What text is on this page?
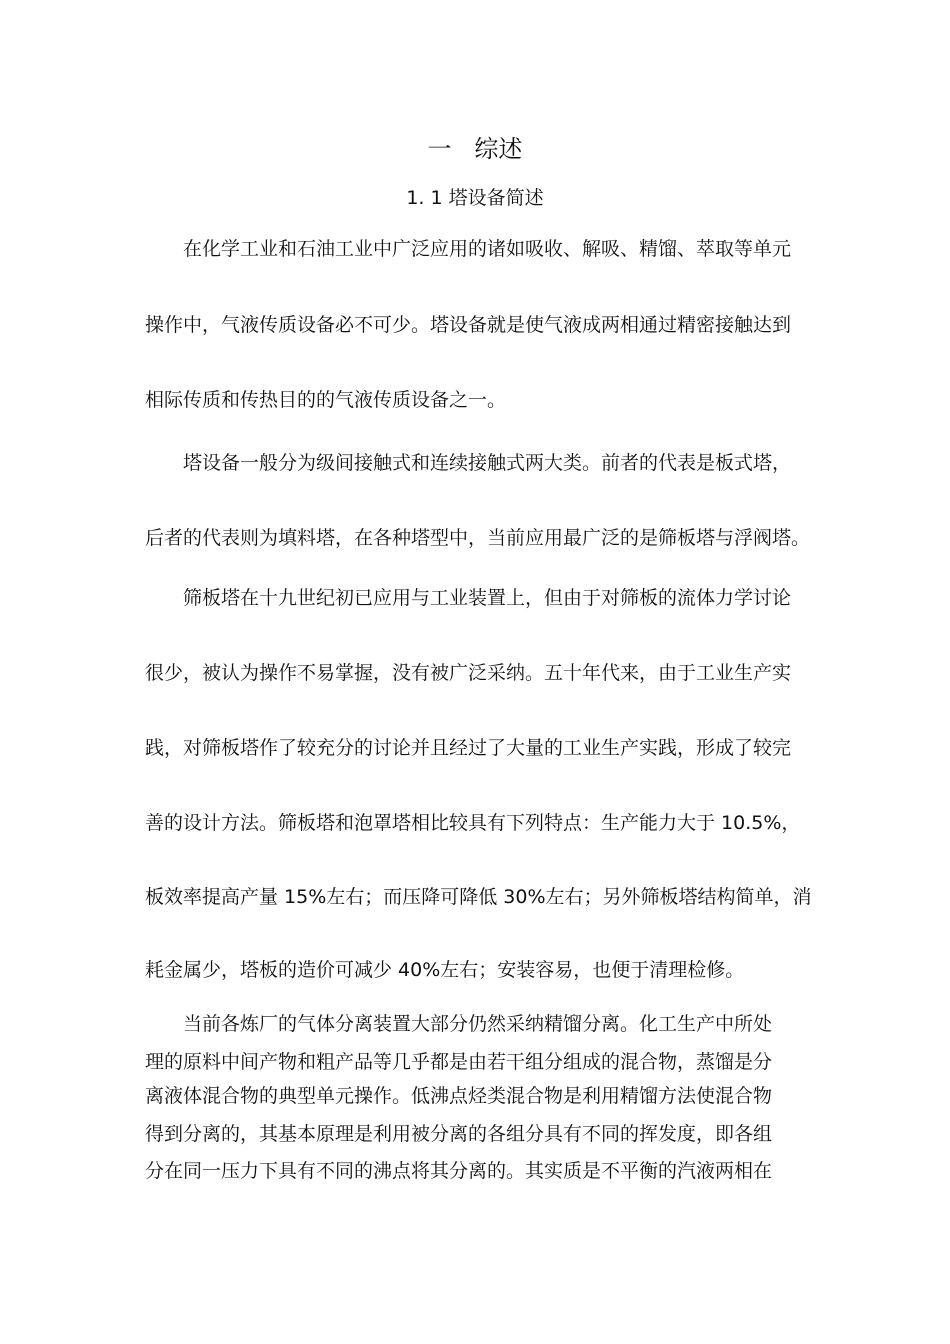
一   综述
1. 1 塔设备简述
在化学工业和石油工业中广泛应用的诸如吸收、解吸、精馏、萃取等单元
操作中，气液传质设备必不可少。塔设备就是使气液成两相通过精密接触达到
相际传质和传热目的的气液传质设备之一。
塔设备一般分为级间接触式和连续接触式两大类。前者的代表是板式塔，
后者的代表则为填料塔，在各种塔型中，当前应用最广泛的是筛板塔与浮阀塔。
筛板塔在十九世纪初已应用与工业装置上，但由于对筛板的流体力学讨论
很少，被认为操作不易掌握，没有被广泛采纳。五十年代来，由于工业生产实
践，对筛板塔作了较充分的讨论并且经过了大量的工业生产实践，形成了较完
善的设计方法。筛板塔和泡罩塔相比较具有下列特点：生产能力大于 10.5%，
板效率提高产量 15%左右；而压降可降低 30%左右；另外筛板塔结构简单，消
耗金属少，塔板的造价可减少 40%左右；安装容易，也便于清理检修。
当前各炼厂的气体分离装置大部分仍然采纳精馏分离。化工生产中所处
理的原料中间产物和粗产品等几乎都是由若干组分组成的混合物，蒸馏是分
离液体混合物的典型单元操作。低沸点烃类混合物是利用精馏方法使混合物
得到分离的，其基本原理是利用被分离的各组分具有不同的挥发度，即各组
分在同一压力下具有不同的沸点将其分离的。其实质是不平衡的汽液两相在
